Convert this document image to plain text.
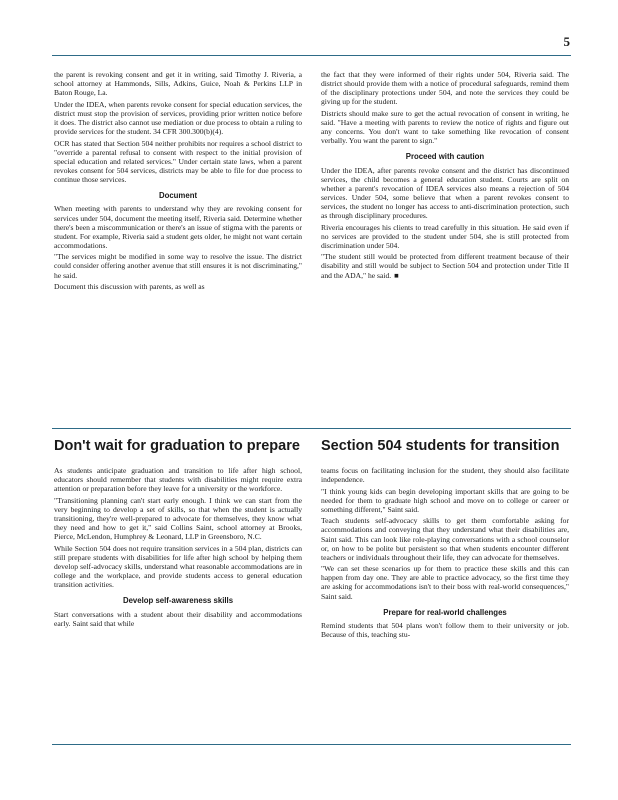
5

the parent is revoking consent and get it in writing, said Timothy J. Riveria, a school attorney at Hammonds, Sills, Adkins, Guice, Noah & Perkins LLP in Baton Rouge, La.

Under the IDEA, when parents revoke consent for special education services, the district must stop the provision of services, providing prior written notice before it does. The district also cannot use mediation or due process to obtain a ruling to provide services for the student. 34 CFR 300.300(b)(4).

OCR has stated that Section 504 neither prohibits nor requires a school district to "override a parental refusal to consent with respect to the initial provision of special education and related services." Under certain state laws, when a parent revokes consent for 504 services, districts may be able to file for due process to continue those services.

Document

When meeting with parents to understand why they are revoking consent for services under 504, document the meeting itself, Riveria said. Determine whether there's been a miscommunication or there's an issue of stigma with the parents or student. For example, Riveria said a student gets older, he might not want certain accommodations.

"The services might be modified in some way to resolve the issue. The district could consider offering another avenue that still ensures it is not discriminating," he said.

Document this discussion with parents, as well as

the fact that they were informed of their rights under 504, Riveria said. The district should provide them with a notice of procedural safeguards, remind them of the disciplinary protections under 504, and note the services they could be giving up for the student.

Districts should make sure to get the actual revocation of consent in writing, he said. "Have a meeting with parents to review the notice of rights and figure out any concerns. You don't want to take something like revocation of consent verbally. You want the parent to sign."

Proceed with caution

Under the IDEA, after parents revoke consent and the district has discontinued services, the child becomes a general education student. Courts are split on whether a parent's revocation of IDEA services also means a rejection of 504 services. Under 504, some believe that when a parent revokes consent to services, the student no longer has access to anti-discrimination protection, such as through disciplinary procedures.

Riveria encourages his clients to tread carefully in this situation. He said even if no services are provided to the student under 504, she is still protected from discrimination under 504.

"The student still would be protected from different treatment because of their disability and still would be subject to Section 504 and protection under Title II and the ADA," he said. ■

Don't wait for graduation to prepare Section 504 students for transition

As students anticipate graduation and transition to life after high school, educators should remember that students with disabilities might require extra attention or preparation before they leave for a university or the workforce.

"Transitioning planning can't start early enough. I think we can start from the very beginning to develop a set of skills, so that when the student is actually transitioning, they're well-prepared to advocate for themselves, they know what they need and how to get it," said Collins Saint, school attorney at Brooks, Pierce, McLendon, Humphrey & Leonard, LLP in Greensboro, N.C.

While Section 504 does not require transition services in a 504 plan, districts can still prepare students with disabilities for life after high school by helping them develop self-advocacy skills, understand what reasonable accommodations are in college and the workplace, and provide students access to general education transition activities.

Develop self-awareness skills

Start conversations with a student about their disability and accommodations early. Saint said that while

teams focus on facilitating inclusion for the student, they should also facilitate independence.

"I think young kids can begin developing important skills that are going to be needed for them to graduate high school and move on to college or career or something different," Saint said.

Teach students self-advocacy skills to get them comfortable asking for accommodations and conveying that they understand what their disabilities are, Saint said. This can look like role-playing conversations with a school counselor or, on how to be polite but persistent so that when students encounter different teachers or individuals throughout their life, they can advocate for themselves.

"We can set these scenarios up for them to practice these skills and this can happen from day one. They are able to practice advocacy, so the first time they are asking for accommodations isn't to their boss with real-world consequences," Saint said.

Prepare for real-world challenges

Remind students that 504 plans won't follow them to their university or job. Because of this, teaching stu-
